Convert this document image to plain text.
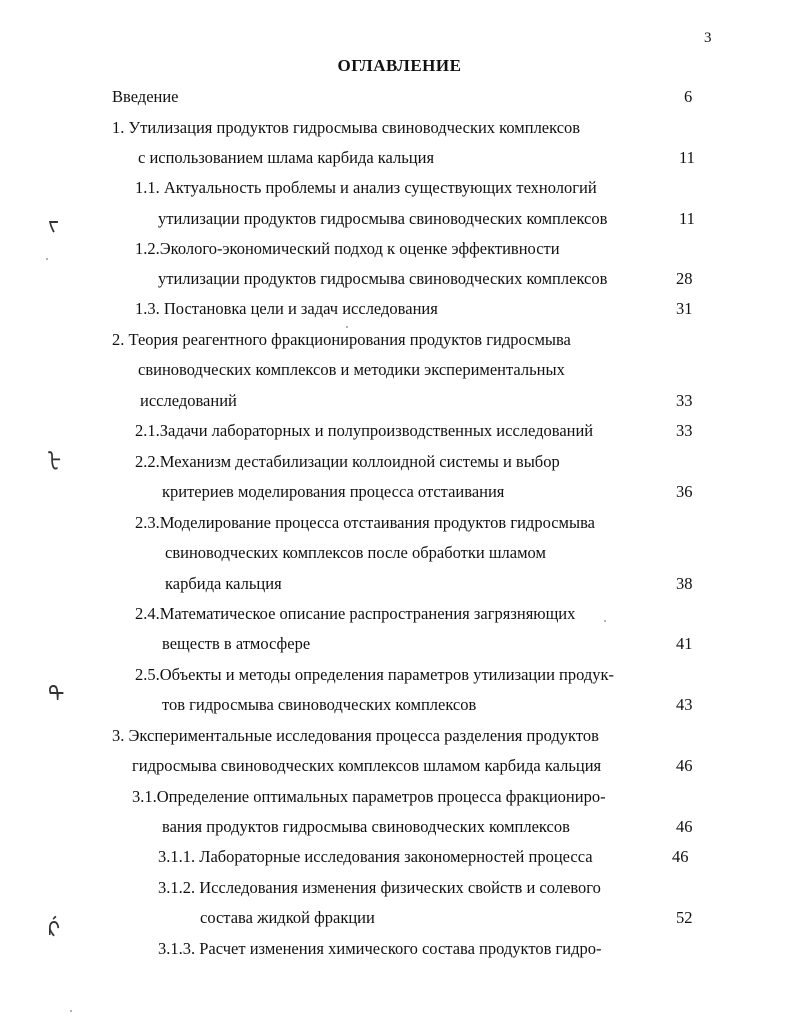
3
ОГЛАВЛЕНИЕ
Введение	6
1. Утилизация продуктов гидросмыва свиноводческих комплексов
с использованием шлама карбида кальция	11
1.1. Актуальность проблемы и анализ существующих технологий
утилизации продуктов гидросмыва свиноводческих комплексов	11
1.2.Эколого-экономический подход к оценке эффективности
утилизации продуктов гидросмыва свиноводческих комплексов	28
1.3. Постановка цели и задач исследования	31
2. Теория реагентного фракционирования продуктов гидросмыва
свиноводческих комплексов и методики экспериментальных
исследований	33
2.1.Задачи лабораторных и полупроизводственных исследований	33
2.2.Механизм дестабилизации коллоидной системы и выбор
критериев моделирования процесса отстаивания	36
2.3.Моделирование процесса отстаивания продуктов гидросмыва
свиноводческих комплексов после обработки шламом
карбида кальция	38
2.4.Математическое описание распространения загрязняющих
веществ в атмосфере	41
2.5.Объекты и методы определения параметров утилизации продук-
тов гидросмыва свиноводческих комплексов	43
3. Экспериментальные исследования процесса разделения продуктов
гидросмыва свиноводческих комплексов шламом карбида кальция	46
3.1.Определение оптимальных параметров процесса фракциониро-
вания продуктов гидросмыва свиноводческих комплексов	46
3.1.1. Лабораторные исследования закономерностей процесса	46
3.1.2. Исследования изменения физических свойств и солевого
состава жидкой фракции	52
3.1.3. Расчет изменения химического состава продуктов гидро-
ᡪ
ᡫ
ᠲ
ᡬ
